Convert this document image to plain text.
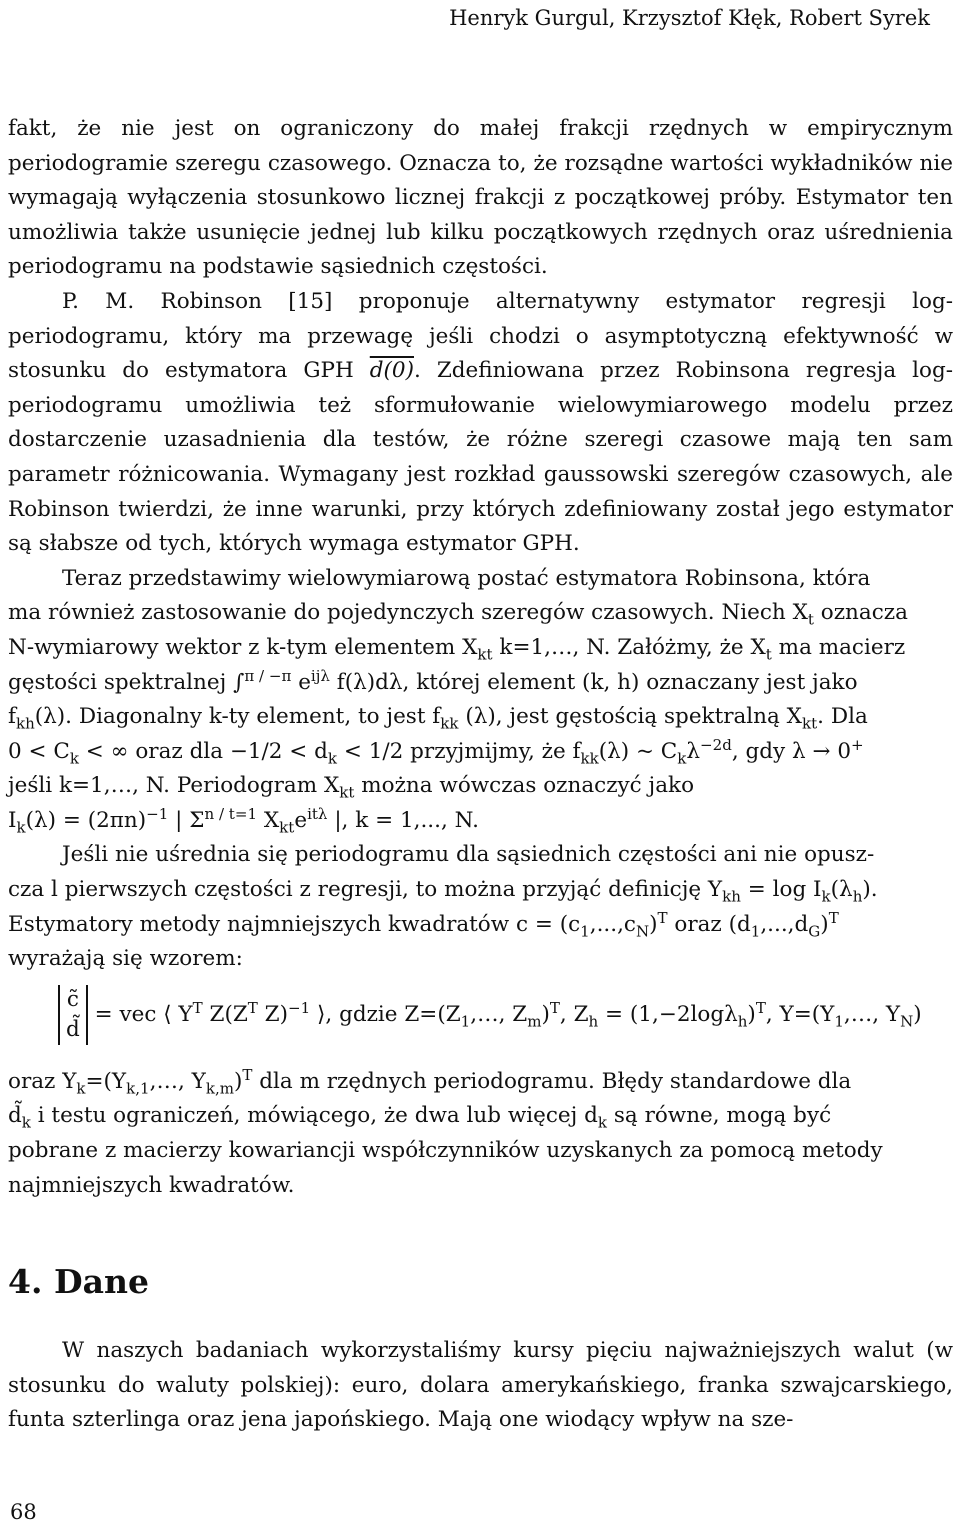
Henryk Gurgul, Krzysztof Kłęk, Robert Syrek

fakt, że nie jest on ograniczony do małej frakcji rzędnych w empirycznym periodogramie szeregu czasowego. Oznacza to, że rozsądne wartości wykładników nie wymagają wyłączenia stosunkowo licznej frakcji z początkowej próby. Estymator ten umożliwia także usunięcie jednej lub kilku początkowych rzędnych oraz uśrednienia periodogramu na podstawie sąsiednich częstości.

P. M. Robinson [15] proponuje alternatywny estymator regresji log-periodogramu, który ma przewagę jeśli chodzi o asymptotyczną efektywność w stosunku do estymatora GPH d(0). Zdefiniowana przez Robinsona regresja log-periodogramu umożliwia też sformułowanie wielowymiarowego modelu przez dostarczenie uzasadnienia dla testów, że różne szeregi czasowe mają ten sam parametr różnicowania. Wymagany jest rozkład gaussowski szeregów czasowych, ale Robinson twierdzi, że inne warunki, przy których zdefiniowany został jego estymator są słabsze od tych, których wymaga estymator GPH.

Teraz przedstawimy wielowymiarową postać estymatora Robinsona, która
ma również zastosowanie do pojedynczych szeregów czasowych. Niech $X_t$ oznacza
N-wymiarowy wektor z k-tym elementem $X_{kt}$ k=1,…, N. Załóżmy, że $X_t$ ma macierz
gęstości spektralnej ∫$^{\pi / -\pi}$ $e^{ij\lambda}$ f(λ)dλ, której element (k, h) oznaczany jest jako
$f_{kh}(\lambda)$. Diagonalny k-ty element, to jest $f_{kk}$ (λ), jest gęstością spektralną $X_{kt}$. Dla
$0 < C_k$ < ∞ oraz dla $-1/2 < d_k < 1/2$ przyjmijmy, że $f_{kk}(\lambda)$ ~ $C_k\lambda^{-2d}$, gdy λ → 0+
jeśli k=1,…, N. Periodogram $X_{kt}$ można wówczas oznaczyć jako
$I_k(\lambda) = (2\pi n)^{-1}$ | $\Sigma^{n / t=1}$ $X_{kt}e^{it\lambda}$ |, k = 1,..., N.
Jeśli nie uśrednia się periodogramu dla sąsiednich częstości ani nie opusz-
cza l pierwszych częstości z regresji, to można przyjąć definicję $Y_{kh} = \log I_k(\lambda_h)$.
Estymatory metody najmniejszych kwadratów $c = (c_1,...,c_N)^T$ oraz $(d_1,...,d_G)^T$
wyrażają się wzorem:
c̃
d̃
= vec ⟨ $Y^T$ $Z(Z^T$ Z)$^{-1}$ ⟩, gdzie $Z=(Z_1,\dots$, $Z_m)^T$, $Z_h = (1,-2\log\lambda_h)^T$, $Y=(Y_1,\dots$, $Y_N$)
oraz $Y_k=(Y_{k,1},\dots$, $Y_{k,m})^T$ dla m rzędnych periodogramu. Błędy standardowe dla
$d̃_k$ i testu ograniczeń, mówiącego, że dwa lub więcej $d_k$ są równe, mogą być
pobrane z macierzy kowariancji współczynników uzyskanych za pomocą metody
najmniejszych kwadratów.
4. Dane

W naszych badaniach wykorzystaliśmy kursy pięciu najważniejszych walut (w stosunku do waluty polskiej): euro, dolara amerykańskiego, franka szwajcarskiego, funta szterlinga oraz jena japońskiego. Mają one wiodący wpływ na sze-

68
